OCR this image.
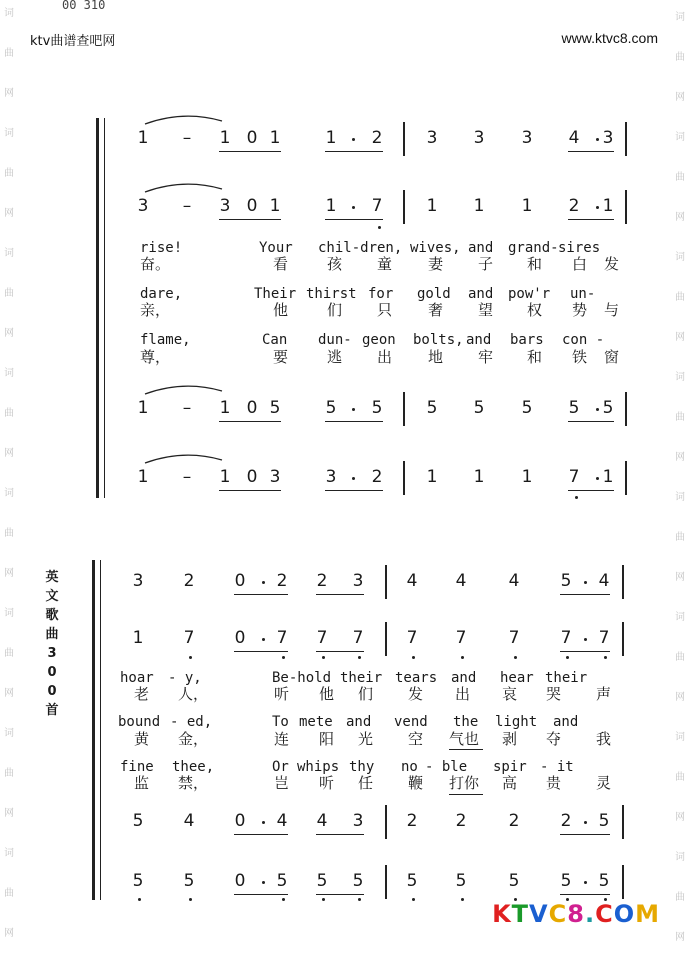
00 310
ktv曲谱查吧网	www.ktvc8.com
词
曲
网
词
曲
网
词
曲
网
词
曲
网
词
曲
网
词
曲
网
词
曲
网
词
曲
网
词
曲
网
词
曲
网
词
曲
网
词
曲
网
词
曲
网
词
曲
网
词
曲
网
词
曲
网
英文歌曲300首
1 – 1 0 1	1 2	3 3 3 4 3
3 – 3 0 1	1 7	1 1 1 2 1
1 – 1 0 5	5 5	5 5 5 5 5
1 – 1 0 3	3 2	1 1 1 7 1
3 2 0 2 2 3	4 4 4 5 4
1 7 0 7 7 7	7 7 7 7 7
5 4 0 4 4 3	2 2 2 2 5
5 5 0 5 5 5	5 5 5 5 5
rise!	Your chil-dren, wives, and grand- sires
奋。	看	孩 童 妻 子 和 白 发
dare,	Their thirst for gold and pow'r un-
亲，	他	们 只 奢 望 权 势 与
flame,	Can dun- geon bolts, and bars con -
尊，	要	逃 出 地 牢 和 铁 窗
hoar - y,	Be-hold their tears and hear their
老 人，	听 他 们 发 出 哀 哭 声
bound - ed,	To mete and vend the light and
黄 金，	连 阳 光 空 气也 剥 夺 我
fine thee,	Or whips thy no - ble spir - it
监 禁，	岂 听 任 鞭 打你 高 贵 灵
KTVC8.COM
